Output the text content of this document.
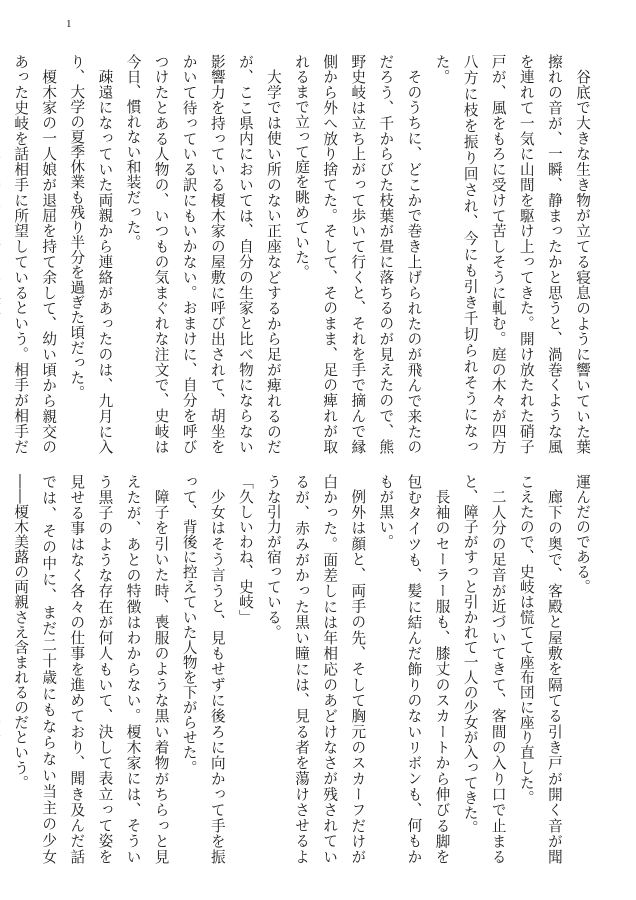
1

谷底で大きな生き物が立てる寝息のように響いていた葉擦れの音が、一瞬、静まったかと思うと、渦巻くような風を連れて一気に山間を駆け上ってきた。開け放たれた硝子戸が、風をもろに受けて苦しそうに軋む。庭の木々が四方八方に枝を振り回され、今にも引き千切られそうになった。

そのうちに、どこかで巻き上げられたのが飛んで来たのだろう、千からびた枝葉が畳に落ちるのが見えたので、熊野史岐は立ち上がって歩いて行くと、それを手で摘んで縁側から外へ放り捨てた。そして、そのまま、足の痺れが取れるまで立って庭を眺めていた。

大学では使い所のない正座などするから足が痺れるのだが、ここ県内においては、自分の生家と比べ物にならない影響力を持っている榎木家の屋敷に呼び出されて、胡坐をかいて待っている訳にもいかない。おまけに、自分を呼びつけたとある人物の、いつもの気まぐれな注文で、史岐は今日、慣れない和装だった。

疎遠になっていた両親から連絡があったのは、九月に入り、大学の夏季休業も残り半分を過ぎた頃だった。

榎木家の一人娘が退屈を持て余して、幼い頃から親交のあった史岐を話相手に所望しているという。相手が相手だ

運んだのである。

廊下の奥で、客殿と屋敷を隔てる引き戸が開く音が聞こえたので、史岐は慌てて座布団に座り直した。

二人分の足音が近づいてきて、客間の入り口で止まると、障子がすっと引かれて一人の少女が入ってきた。

長袖のセーラー服も、膝丈のスカートから伸びる脚を包むタイツも、髪に結んだ飾りのないリボンも、何もかもが黒い。

例外は顔と、両手の先、そして胸元のスカーフだけが白かった。面差しには年相応のあどけなさが残されているが、赤みがかった黒い瞳には、見る者を蕩けさせるような引力が宿っている。

「久しいわね、史岐」

少女はそう言うと、見もせずに後ろに向かって手を振って、背後に控えていた人物を下がらせた。

障子を引いた時、喪服のような黒い着物がちらっと見えたが、あとの特徴はわからない。榎木家には、そういう黒子のような存在が何人もいて、決して表立って姿を見せる事はなく各々の仕事を進めており、聞き及んだ話では、その中に、まだ二十歳にもならない当主の少女――榎木美蕗の両親さえ含まれるのだという。
